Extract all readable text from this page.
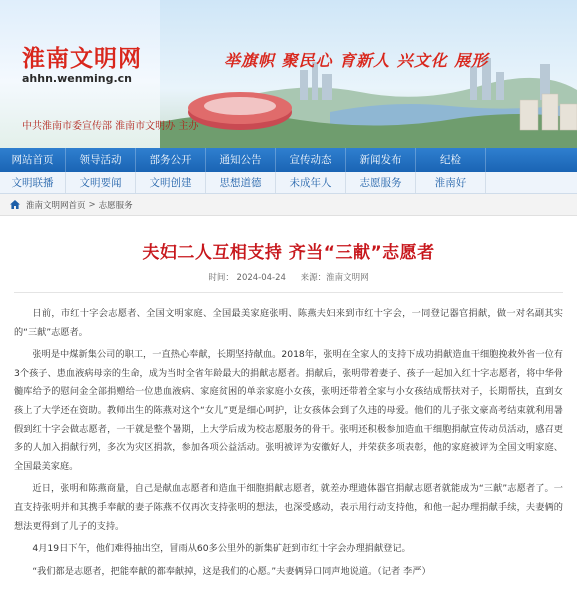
淮南文明网
ahhn.wenming.cn
举旗帜 聚民心 育新人 兴文化 展形
中共淮南市委宣传部 淮南市文明办 主办
网站首页	领导活动	部务公开	通知公告	宣传动态	新闻发布	纪检
文明联播	文明要闻	文明创建	思想道德	未成年人	志愿服务	淮南好
淮南文明网首页 > 志愿服务
夫妇二人互相支持 齐当“三献”志愿者
时间： 2024-04-24 来源：淮南文明网

日前，市红十字会志愿者、全国文明家庭、全国最美家庭张明、陈燕夫妇来到市红十字会，一同登记器官捐献，做一对名副其实的“三献”志愿者。

张明是中煤新集公司的职工，一直热心奉献，长期坚持献血。2018年，张明在全家人的支持下成功捐献造血干细胞挽救外省一位有3个孩子、患血液病母亲的生命，成为当时全省年龄最大的捐献志愿者。捐献后，张明带着妻子、孩子一起加入红十字志愿者，将中华骨髓库给予的慰问金全部捐赠给一位患血液病、家庭贫困的单亲家庭小女孩，张明还带着全家与小女孩结成帮扶对子，长期帮扶，直到女孩上了大学还在资助。教师出生的陈燕对这个“女儿”更是细心呵护，让女孩体会到了久违的母爱。他们的儿子张文豪高考结束就利用暑假到红十字会做志愿者，一干就是整个暑期，上大学后成为校志愿服务的骨干。张明还积极参加造血干细胞捐献宣传动员活动，感召更多的人加入捐献行列，多次为灾区捐款，参加各项公益活动。张明被评为安徽好人，并荣获多项表彰，他的家庭被评为全国文明家庭、全国最美家庭。

近日，张明和陈燕商量，自己是献血志愿者和造血干细胞捐献志愿者，就差办理遗体器官捐献志愿者就能成为“三献”志愿者了。一直支持张明并和其携手奉献的妻子陈燕不仅再次支持张明的想法，也深受感动，表示用行动支持他，和他一起办理捐献手续，夫妻俩的想法更得到了儿子的支持。

4月19日下午，他们难得抽出空，冒雨从60多公里外的新集矿赶到市红十字会办理捐献登记。

“我们都是志愿者，把能奉献的都奉献掉，这是我们的心愿。”夫妻俩异口同声地说道。（记者 李严）
